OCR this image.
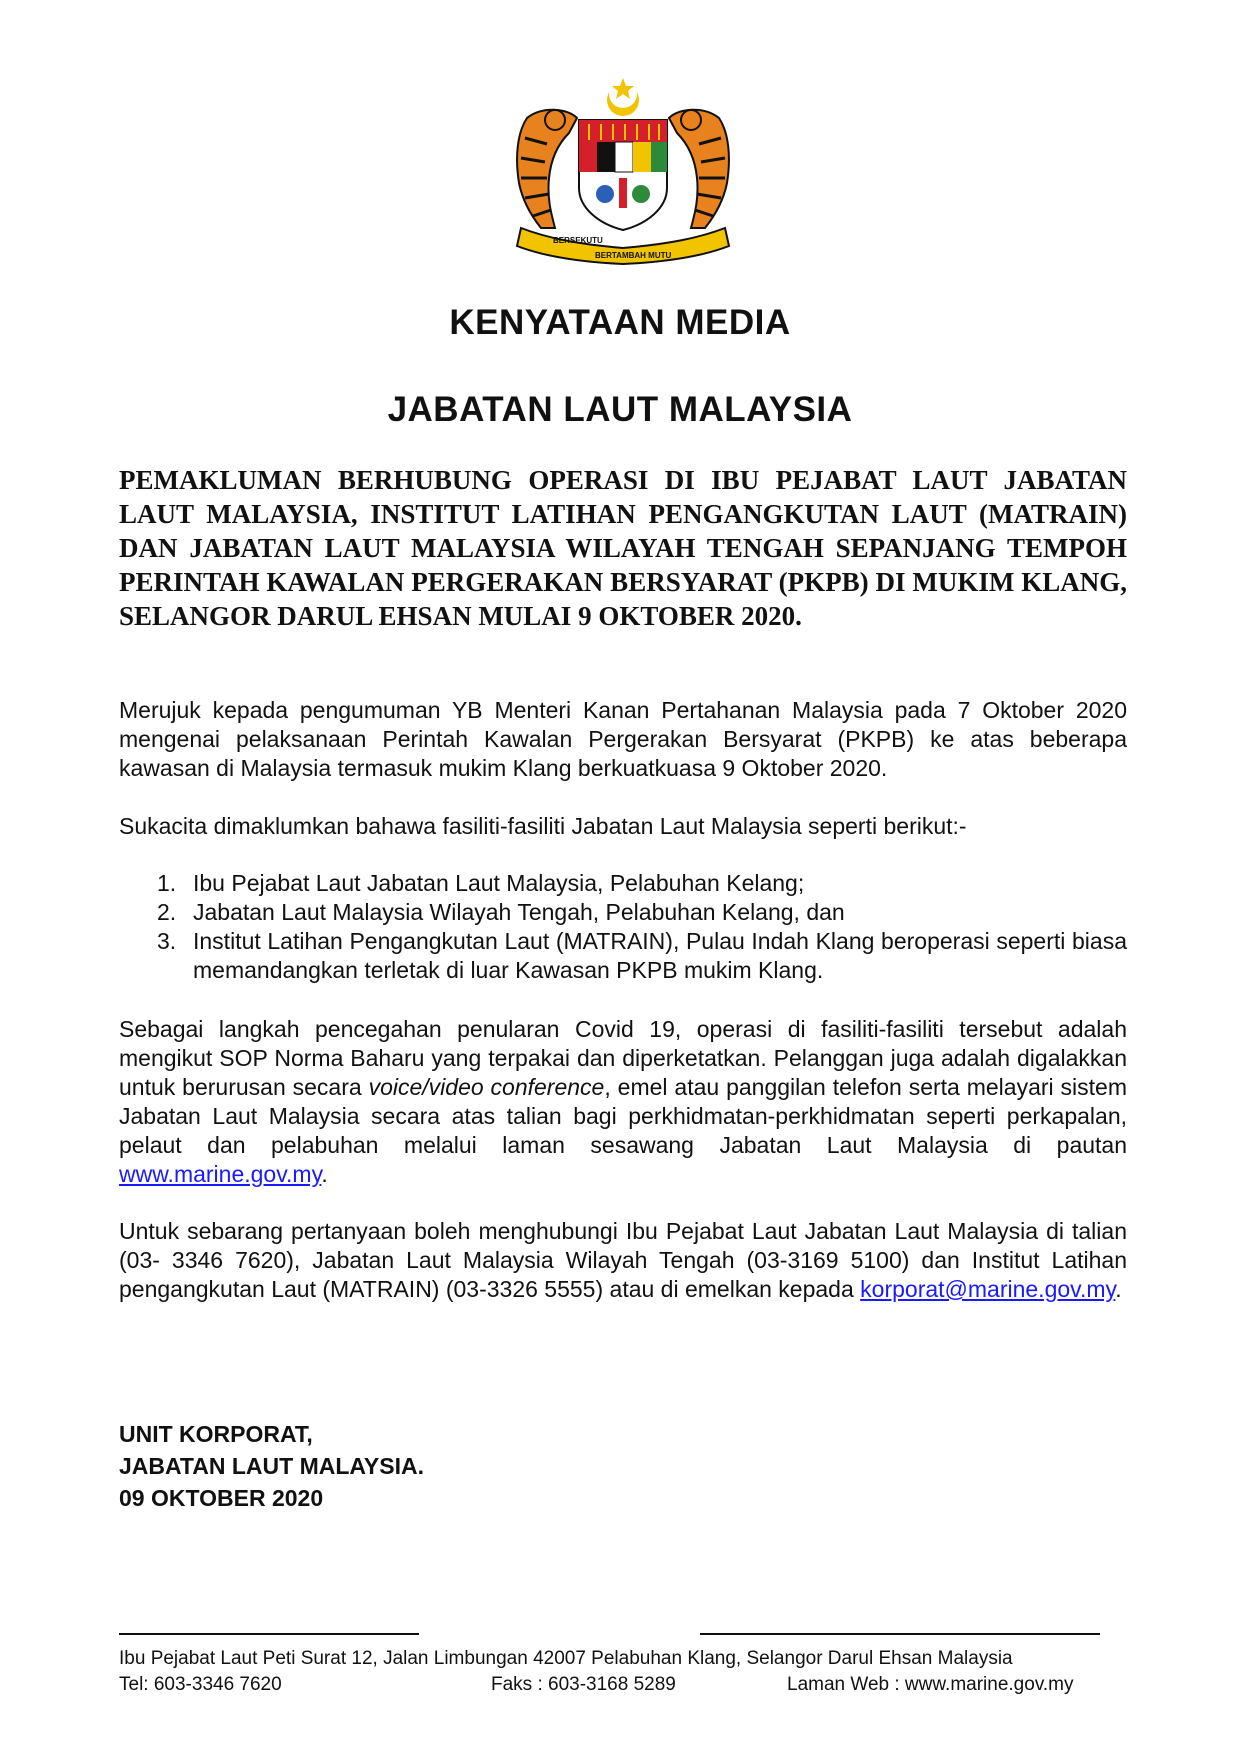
BERSEKUTU
BERTAMBAH MUTU
KENYATAAN MEDIA
JABATAN LAUT MALAYSIA
PEMAKLUMAN BERHUBUNG OPERASI DI IBU PEJABAT LAUT JABATAN LAUT MALAYSIA, INSTITUT LATIHAN PENGANGKUTAN LAUT (MATRAIN) DAN JABATAN LAUT MALAYSIA WILAYAH TENGAH SEPANJANG TEMPOH PERINTAH KAWALAN PERGERAKAN BERSYARAT (PKPB) DI MUKIM KLANG, SELANGOR DARUL EHSAN MULAI 9 OKTOBER 2020.
Merujuk kepada pengumuman YB Menteri Kanan Pertahanan Malaysia pada 7 Oktober 2020 mengenai pelaksanaan Perintah Kawalan Pergerakan Bersyarat (PKPB) ke atas beberapa kawasan di Malaysia termasuk mukim Klang berkuatkuasa 9 Oktober 2020.
Sukacita dimaklumkan bahawa fasiliti-fasiliti Jabatan Laut Malaysia seperti berikut:-
1. Ibu Pejabat Laut Jabatan Laut Malaysia, Pelabuhan Kelang;
2. Jabatan Laut Malaysia Wilayah Tengah, Pelabuhan Kelang, dan
3. Institut Latihan Pengangkutan Laut (MATRAIN), Pulau Indah Klang beroperasi seperti biasa memandangkan terletak di luar Kawasan PKPB mukim Klang.
Sebagai langkah pencegahan penularan Covid 19, operasi di fasiliti-fasiliti tersebut adalah mengikut SOP Norma Baharu yang terpakai dan diperketatkan. Pelanggan juga adalah digalakkan untuk berurusan secara voice/video conference, emel atau panggilan telefon serta melayari sistem Jabatan Laut Malaysia secara atas talian bagi perkhidmatan-perkhidmatan seperti perkapalan, pelaut dan pelabuhan melalui laman sesawang Jabatan Laut Malaysia di pautan www.marine.gov.my.
Untuk sebarang pertanyaan boleh menghubungi Ibu Pejabat Laut Jabatan Laut Malaysia di talian (03- 3346 7620), Jabatan Laut Malaysia Wilayah Tengah (03-3169 5100) dan Institut Latihan pengangkutan Laut (MATRAIN) (03-3326 5555) atau di emelkan kepada korporat@marine.gov.my.
UNIT KORPORAT,
JABATAN LAUT MALAYSIA.
09 OKTOBER 2020
Ibu Pejabat Laut Peti Surat 12, Jalan Limbungan 42007 Pelabuhan Klang, Selangor Darul Ehsan Malaysia
Tel: 603-3346 7620	Faks : 603-3168 5289	Laman Web : www.marine.gov.my
